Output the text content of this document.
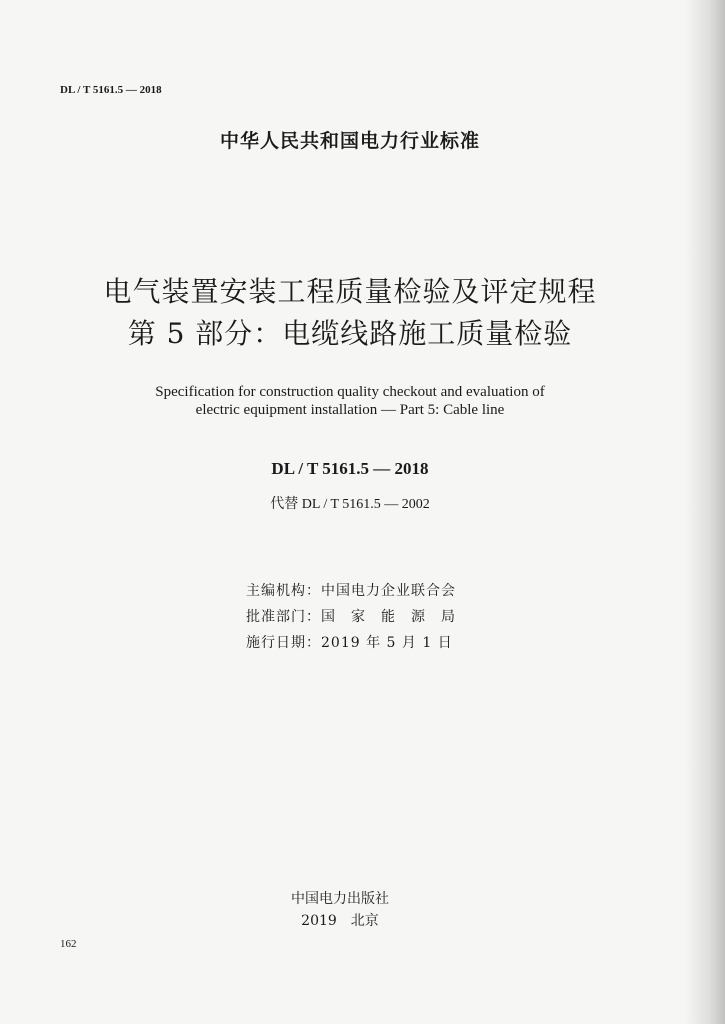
DL / T 5161.5 — 2018
中华人民共和国电力行业标准
电气装置安装工程质量检验及评定规程
第 5 部分：电缆线路施工质量检验
Specification for construction quality checkout and evaluation of
electric equipment installation — Part 5: Cable line
DL / T 5161.5 — 2018
代替 DL / T 5161.5 — 2002
主编机构：中国电力企业联合会
批准部门：国　家　能　源　局
施行日期：2019 年 5 月 1 日
中国电力出版社
2019　北京
162
